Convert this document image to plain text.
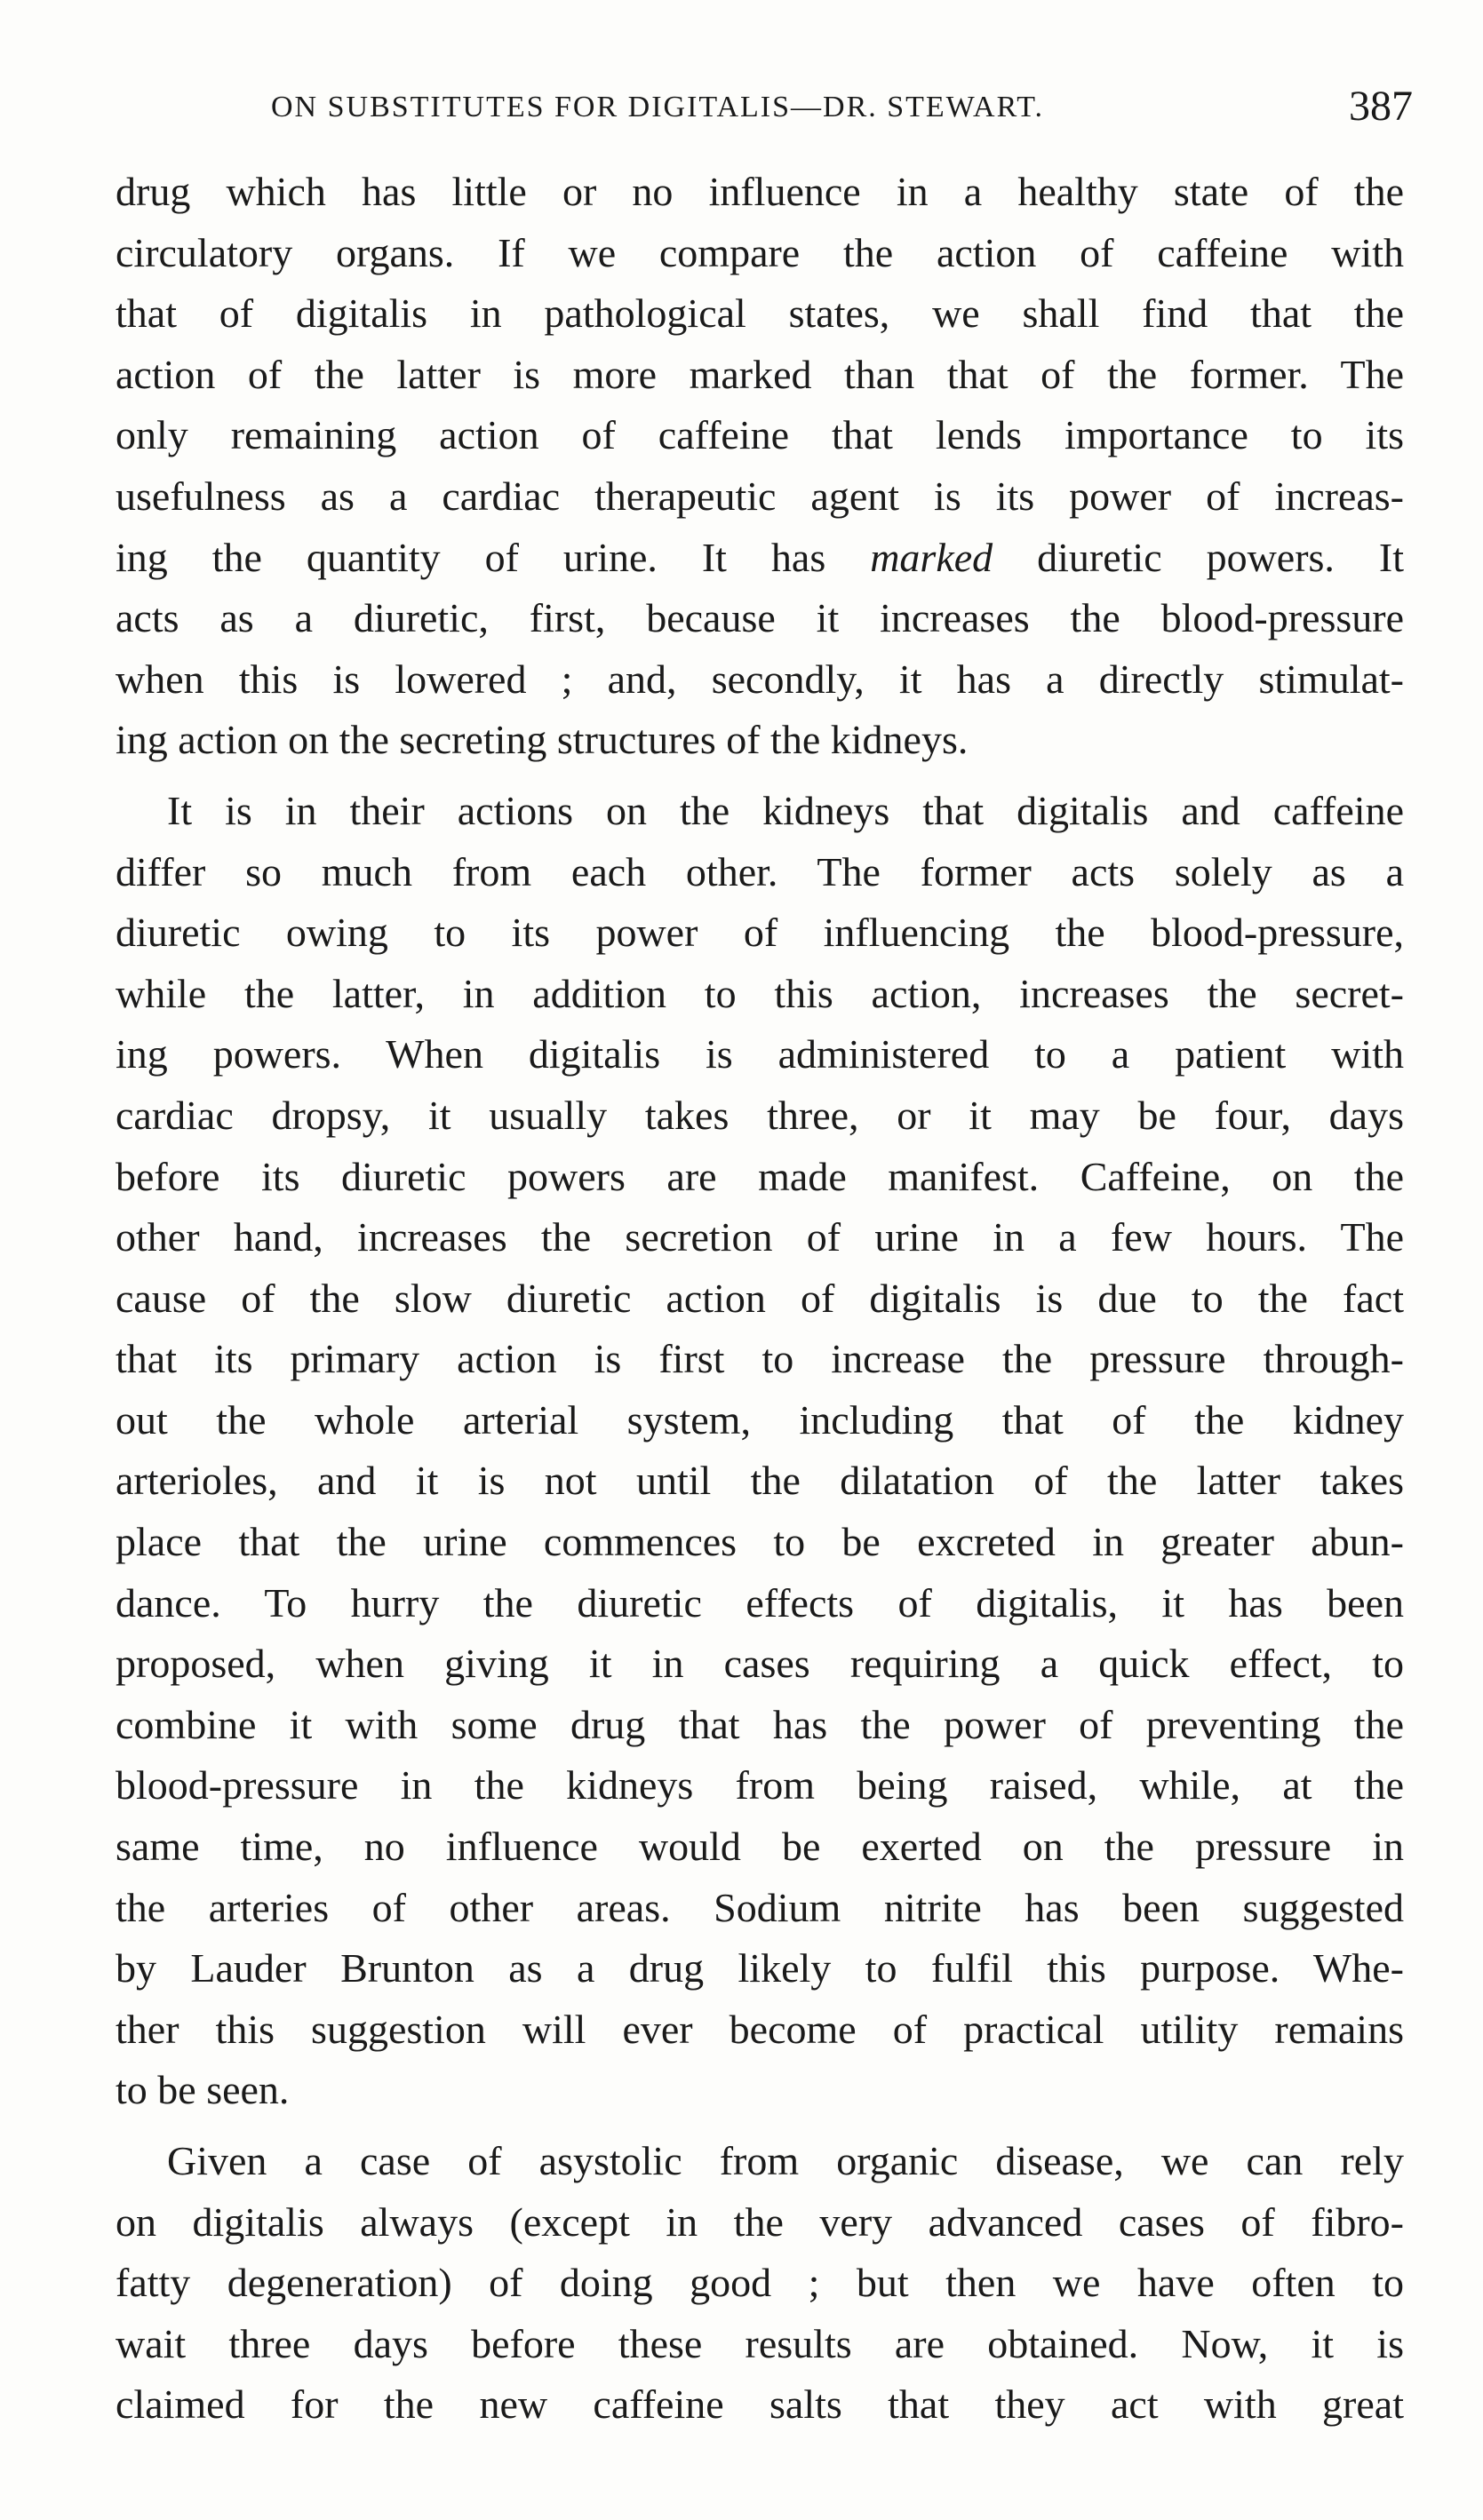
ON SUBSTITUTES FOR DIGITALIS—DR. STEWART.	387
drug which has little or no influence in a healthy state of the
circulatory organs. If we compare the action of caffeine with
that of digitalis in pathological states, we shall find that the
action of the latter is more marked than that of the former. The
only remaining action of caffeine that lends importance to its
usefulness as a cardiac therapeutic agent is its power of increas-
ing the quantity of urine. It has marked diuretic powers. It
acts as a diuretic, first, because it increases the blood-pressure
when this is lowered ; and, secondly, it has a directly stimulat-
ing action on the secreting structures of the kidneys.
It is in their actions on the kidneys that digitalis and caffeine
differ so much from each other. The former acts solely as a
diuretic owing to its power of influencing the blood-pressure,
while the latter, in addition to this action, increases the secret-
ing powers. When digitalis is administered to a patient with
cardiac dropsy, it usually takes three, or it may be four, days
before its diuretic powers are made manifest. Caffeine, on the
other hand, increases the secretion of urine in a few hours. The
cause of the slow diuretic action of digitalis is due to the fact
that its primary action is first to increase the pressure through-
out the whole arterial system, including that of the kidney
arterioles, and it is not until the dilatation of the latter takes
place that the urine commences to be excreted in greater abun-
dance. To hurry the diuretic effects of digitalis, it has been
proposed, when giving it in cases requiring a quick effect, to
combine it with some drug that has the power of preventing the
blood-pressure in the kidneys from being raised, while, at the
same time, no influence would be exerted on the pressure in
the arteries of other areas. Sodium nitrite has been suggested
by Lauder Brunton as a drug likely to fulfil this purpose. Whe-
ther this suggestion will ever become of practical utility remains
to be seen.
Given a case of asystolic from organic disease, we can rely
on digitalis always (except in the very advanced cases of fibro-
fatty degeneration) of doing good ; but then we have often to
wait three days before these results are obtained. Now, it is
claimed for the new caffeine salts that they act with great
